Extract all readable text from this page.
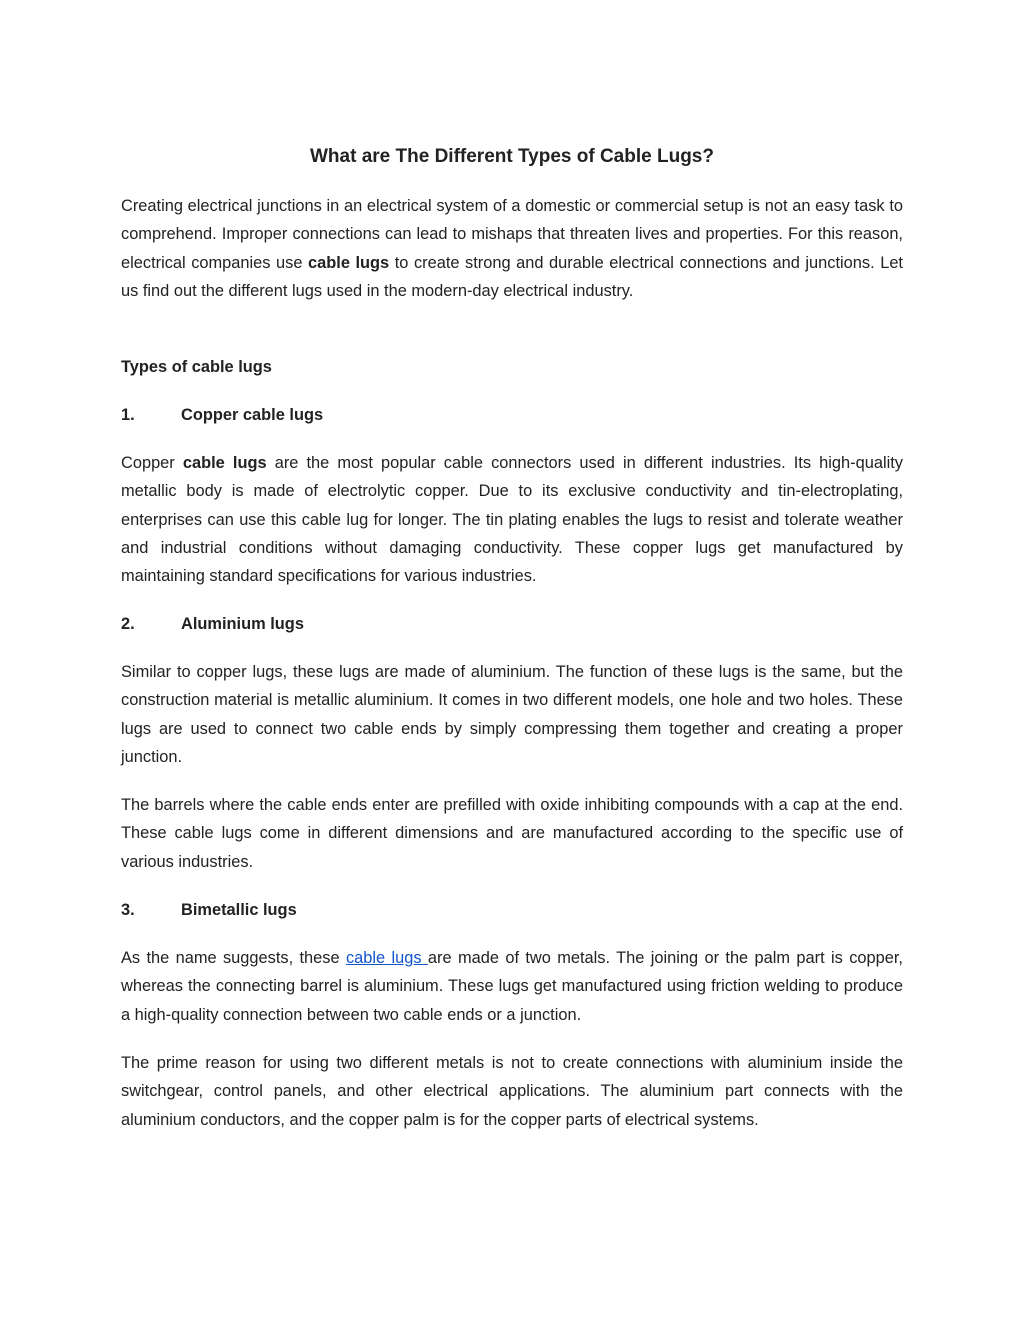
What are The Different Types of Cable Lugs?

Creating electrical junctions in an electrical system of a domestic or commercial setup is not an easy task to comprehend. Improper connections can lead to mishaps that threaten lives and properties. For this reason, electrical companies use cable lugs to create strong and durable electrical connections and junctions. Let us find out the different lugs used in the modern-day electrical industry.

Types of cable lugs

1.	Copper cable lugs

Copper cable lugs are the most popular cable connectors used in different industries. Its high-quality metallic body is made of electrolytic copper. Due to its exclusive conductivity and tin-electroplating, enterprises can use this cable lug for longer. The tin plating enables the lugs to resist and tolerate weather and industrial conditions without damaging conductivity. These copper lugs get manufactured by maintaining standard specifications for various industries.

2.	Aluminium lugs

Similar to copper lugs, these lugs are made of aluminium. The function of these lugs is the same, but the construction material is metallic aluminium. It comes in two different models, one hole and two holes. These lugs are used to connect two cable ends by simply compressing them together and creating a proper junction.

The barrels where the cable ends enter are prefilled with oxide inhibiting compounds with a cap at the end. These cable lugs come in different dimensions and are manufactured according to the specific use of various industries.

3.	Bimetallic lugs

As the name suggests, these cable lugs are made of two metals. The joining or the palm part is copper, whereas the connecting barrel is aluminium. These lugs get manufactured using friction welding to produce a high-quality connection between two cable ends or a junction.

The prime reason for using two different metals is not to create connections with aluminium inside the switchgear, control panels, and other electrical applications. The aluminium part connects with the aluminium conductors, and the copper palm is for the copper parts of electrical systems.
